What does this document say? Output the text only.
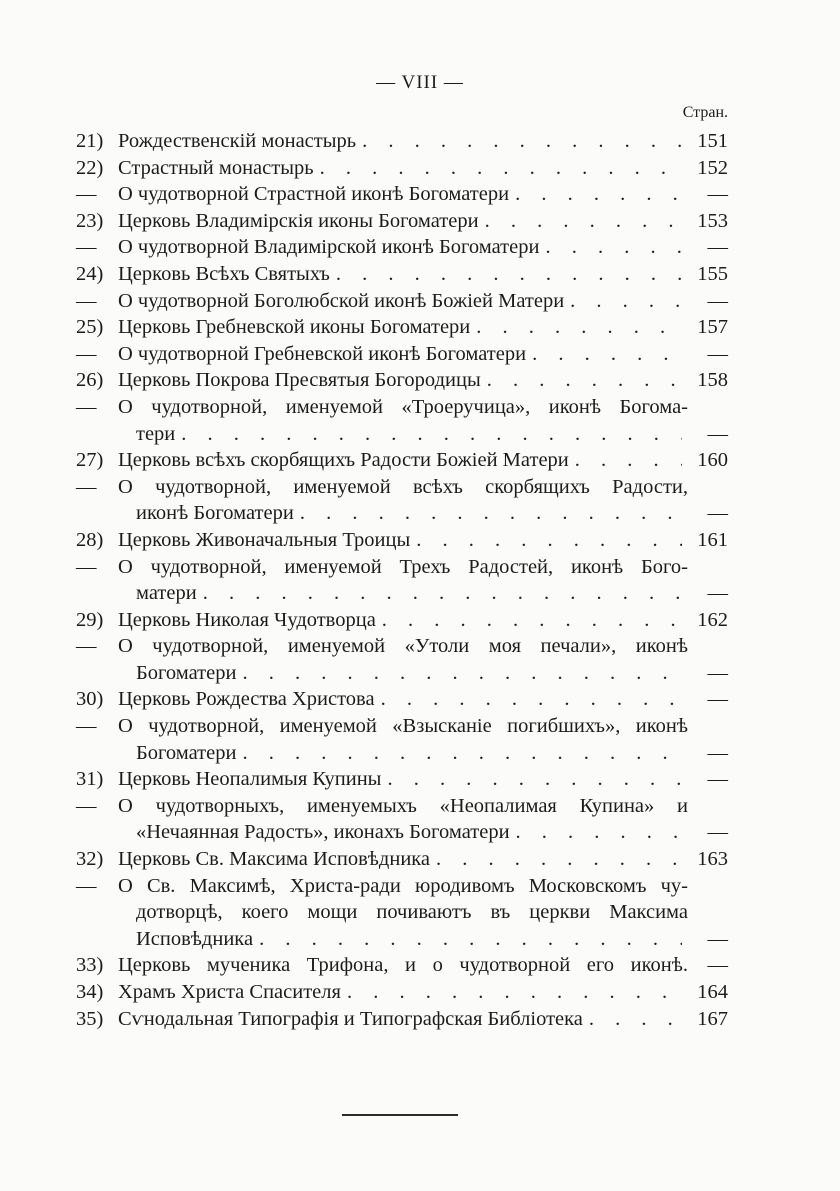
— VIII —
Стран.
21) Рождественскій монастырь . . .	151
22) Страстный монастырь . . .	152
—	О чудотворной Страстной иконѣ Богоматери . . .	—
23) Церковь Владимірскія иконы Богоматери . . .	153
—	О чудотворной Владимірской иконѣ Богоматери . . .	—
24) Церковь Всѣхъ Святыхъ . . .	155
—	О чудотворной Боголюбской иконѣ Божіей Матери . . .	—
25) Церковь Гребневской иконы Богоматери . . .	157
—	О чудотворной Гребневской иконѣ Богоматери . . .	—
26) Церковь Покрова Пресвятыя Богородицы . . .	158
—	О чудотворной, именуемой «Троеручица», иконѣ Богома-
тери . . .	—
27) Церковь всѣхъ скорбящихъ Радости Божіей Матери . . .	160
—	О чудотворной, именуемой всѣхъ скорбящихъ Радости,
иконѣ Богоматери . . .	—
28) Церковь Живоначальныя Троицы . . .	161
—	О чудотворной, именуемой Трехъ Радостей, иконѣ Бого-
матери . . .	—
29) Церковь Николая Чудотворца . . .	162
—	О чудотворной, именуемой «Утоли моя печали», иконѣ
Богоматери . . .	—
30) Церковь Рождества Христова . . .	—
—	О чудотворной, именуемой «Взысканіе погибшихъ», иконѣ
Богоматери . . .	—
31) Церковь Неопалимыя Купины . . .	—
—	О чудотворныхъ, именуемыхъ «Неопалимая Купина» и
«Нечаянная Радость», иконахъ Богоматери . . .	—
32) Церковь Св. Максима Исповѣдника . . .	163
—	О Св. Максимѣ, Христа-ради юродивомъ Московскомъ чу-
дотворцѣ, коего мощи почиваютъ въ церкви Максима
Исповѣдника . . .	—
33) Церковь мученика Трифона, и о чудотворной его иконѣ. —
34) Храмъ Христа Спасителя . . .	164
35) Сѵнодальная Типографія и Типографская Библіотека . . .	167
